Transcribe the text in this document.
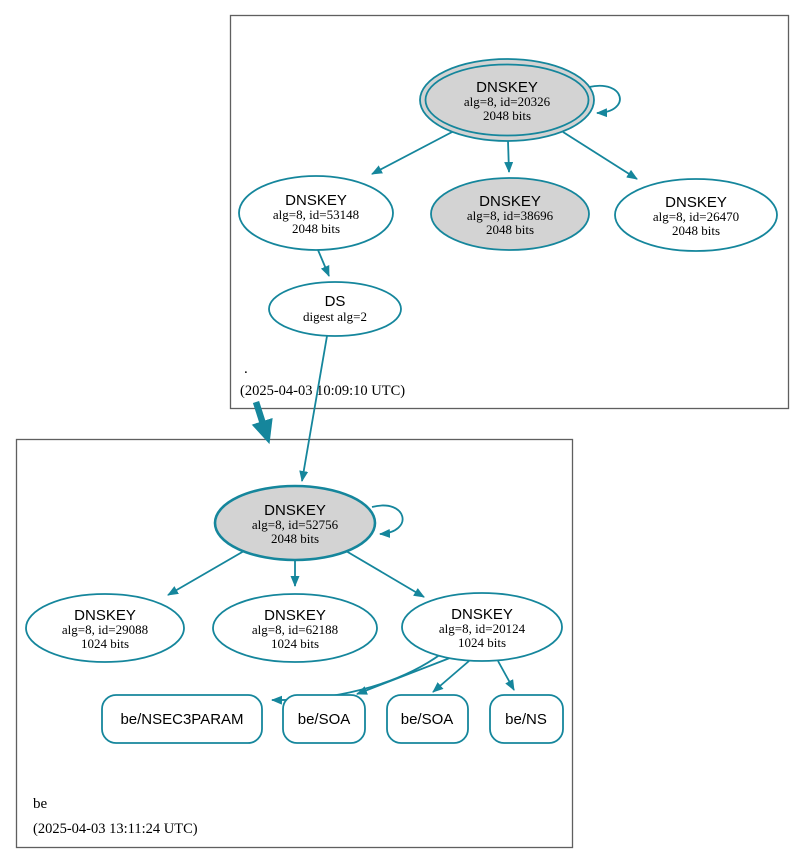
.
(2025-04-03 10:09:10 UTC)
be
(2025-04-03 13:11:24 UTC)
DNSKEY
alg=8, id=20326
2048 bits
DNSKEY
alg=8, id=53148
2048 bits
DNSKEY
alg=8, id=38696
2048 bits
DNSKEY
alg=8, id=26470
2048 bits
DS
digest alg=2
DNSKEY
alg=8, id=52756
2048 bits
DNSKEY
alg=8, id=29088
1024 bits
DNSKEY
alg=8, id=62188
1024 bits
DNSKEY
alg=8, id=20124
1024 bits
be/NSEC3PARAM	be/SOA	be/SOA	be/NS
